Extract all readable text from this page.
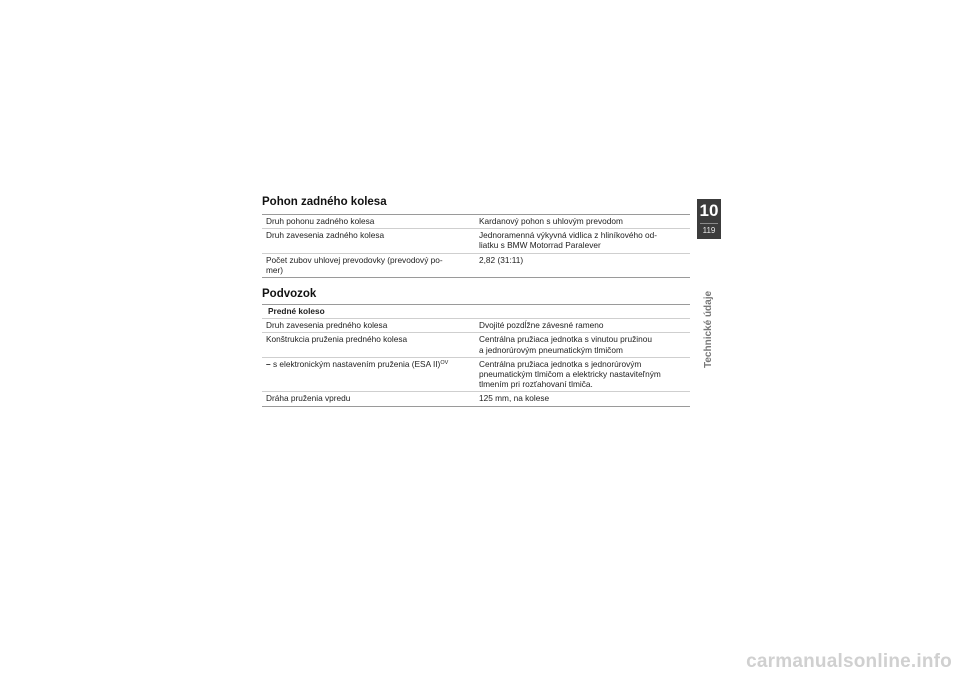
Pohon zadného kolesa
Druh pohonu zadného kolesa	Kardanový pohon s uhlovým prevodom
Druh zavesenia zadného kolesa	Jednoramenná výkyvná vidlica z hliníkového od-
liatku s BMW Motorrad Paralever
Počet zubov uhlovej prevodovky (prevodový po-
mer)	2,82 (31:11)
Podvozok
Predné koleso	
Druh zavesenia predného kolesa	Dvojité pozdĺžne závesné rameno
Konštrukcia pruženia predného kolesa	Centrálna pružiaca jednotka s vinutou pružinou
a jednorúrovým pneumatickým tlmičom
– s elektronickým nastavením pruženia (ESA II)$^{OV}$	Centrálna pružiaca jednotka s jednorúrovým
pneumatickým tlmičom a elektricky nastaviteľným
tlmením pri rozťahovaní tlmiča.
Dráha pruženia vpredu	125 mm, na kolese
10
119
Technické údaje
carmanualsonline.info
